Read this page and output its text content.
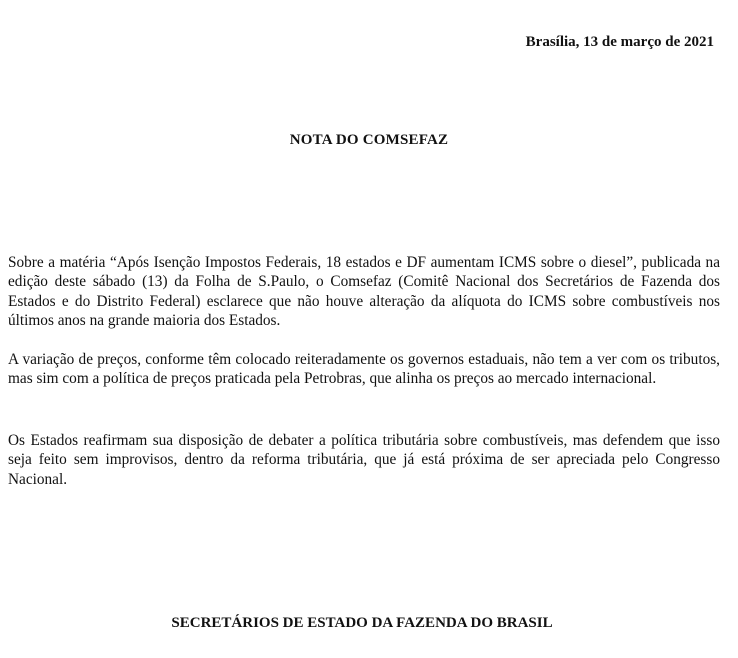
Brasília, 13 de março de 2021
NOTA DO COMSEFAZ

Sobre a matéria “Após Isenção Impostos Federais, 18 estados e DF aumentam ICMS sobre o diesel”, publicada na edição deste sábado (13) da Folha de S.Paulo, o Comsefaz (Comitê Nacional dos Secretários de Fazenda dos Estados e do Distrito Federal) esclarece que não houve alteração da alíquota do ICMS sobre combustíveis nos últimos anos na grande maioria dos Estados.

A variação de preços, conforme têm colocado reiteradamente os governos estaduais, não tem a ver com os tributos, mas sim com a política de preços praticada pela Petrobras, que alinha os preços ao mercado internacional.

Os Estados reafirmam sua disposição de debater a política tributária sobre combustíveis, mas defendem que isso seja feito sem improvisos, dentro da reforma tributária, que já está próxima de ser apreciada pelo Congresso Nacional.

SECRETÁRIOS DE ESTADO DA FAZENDA DO BRASIL
